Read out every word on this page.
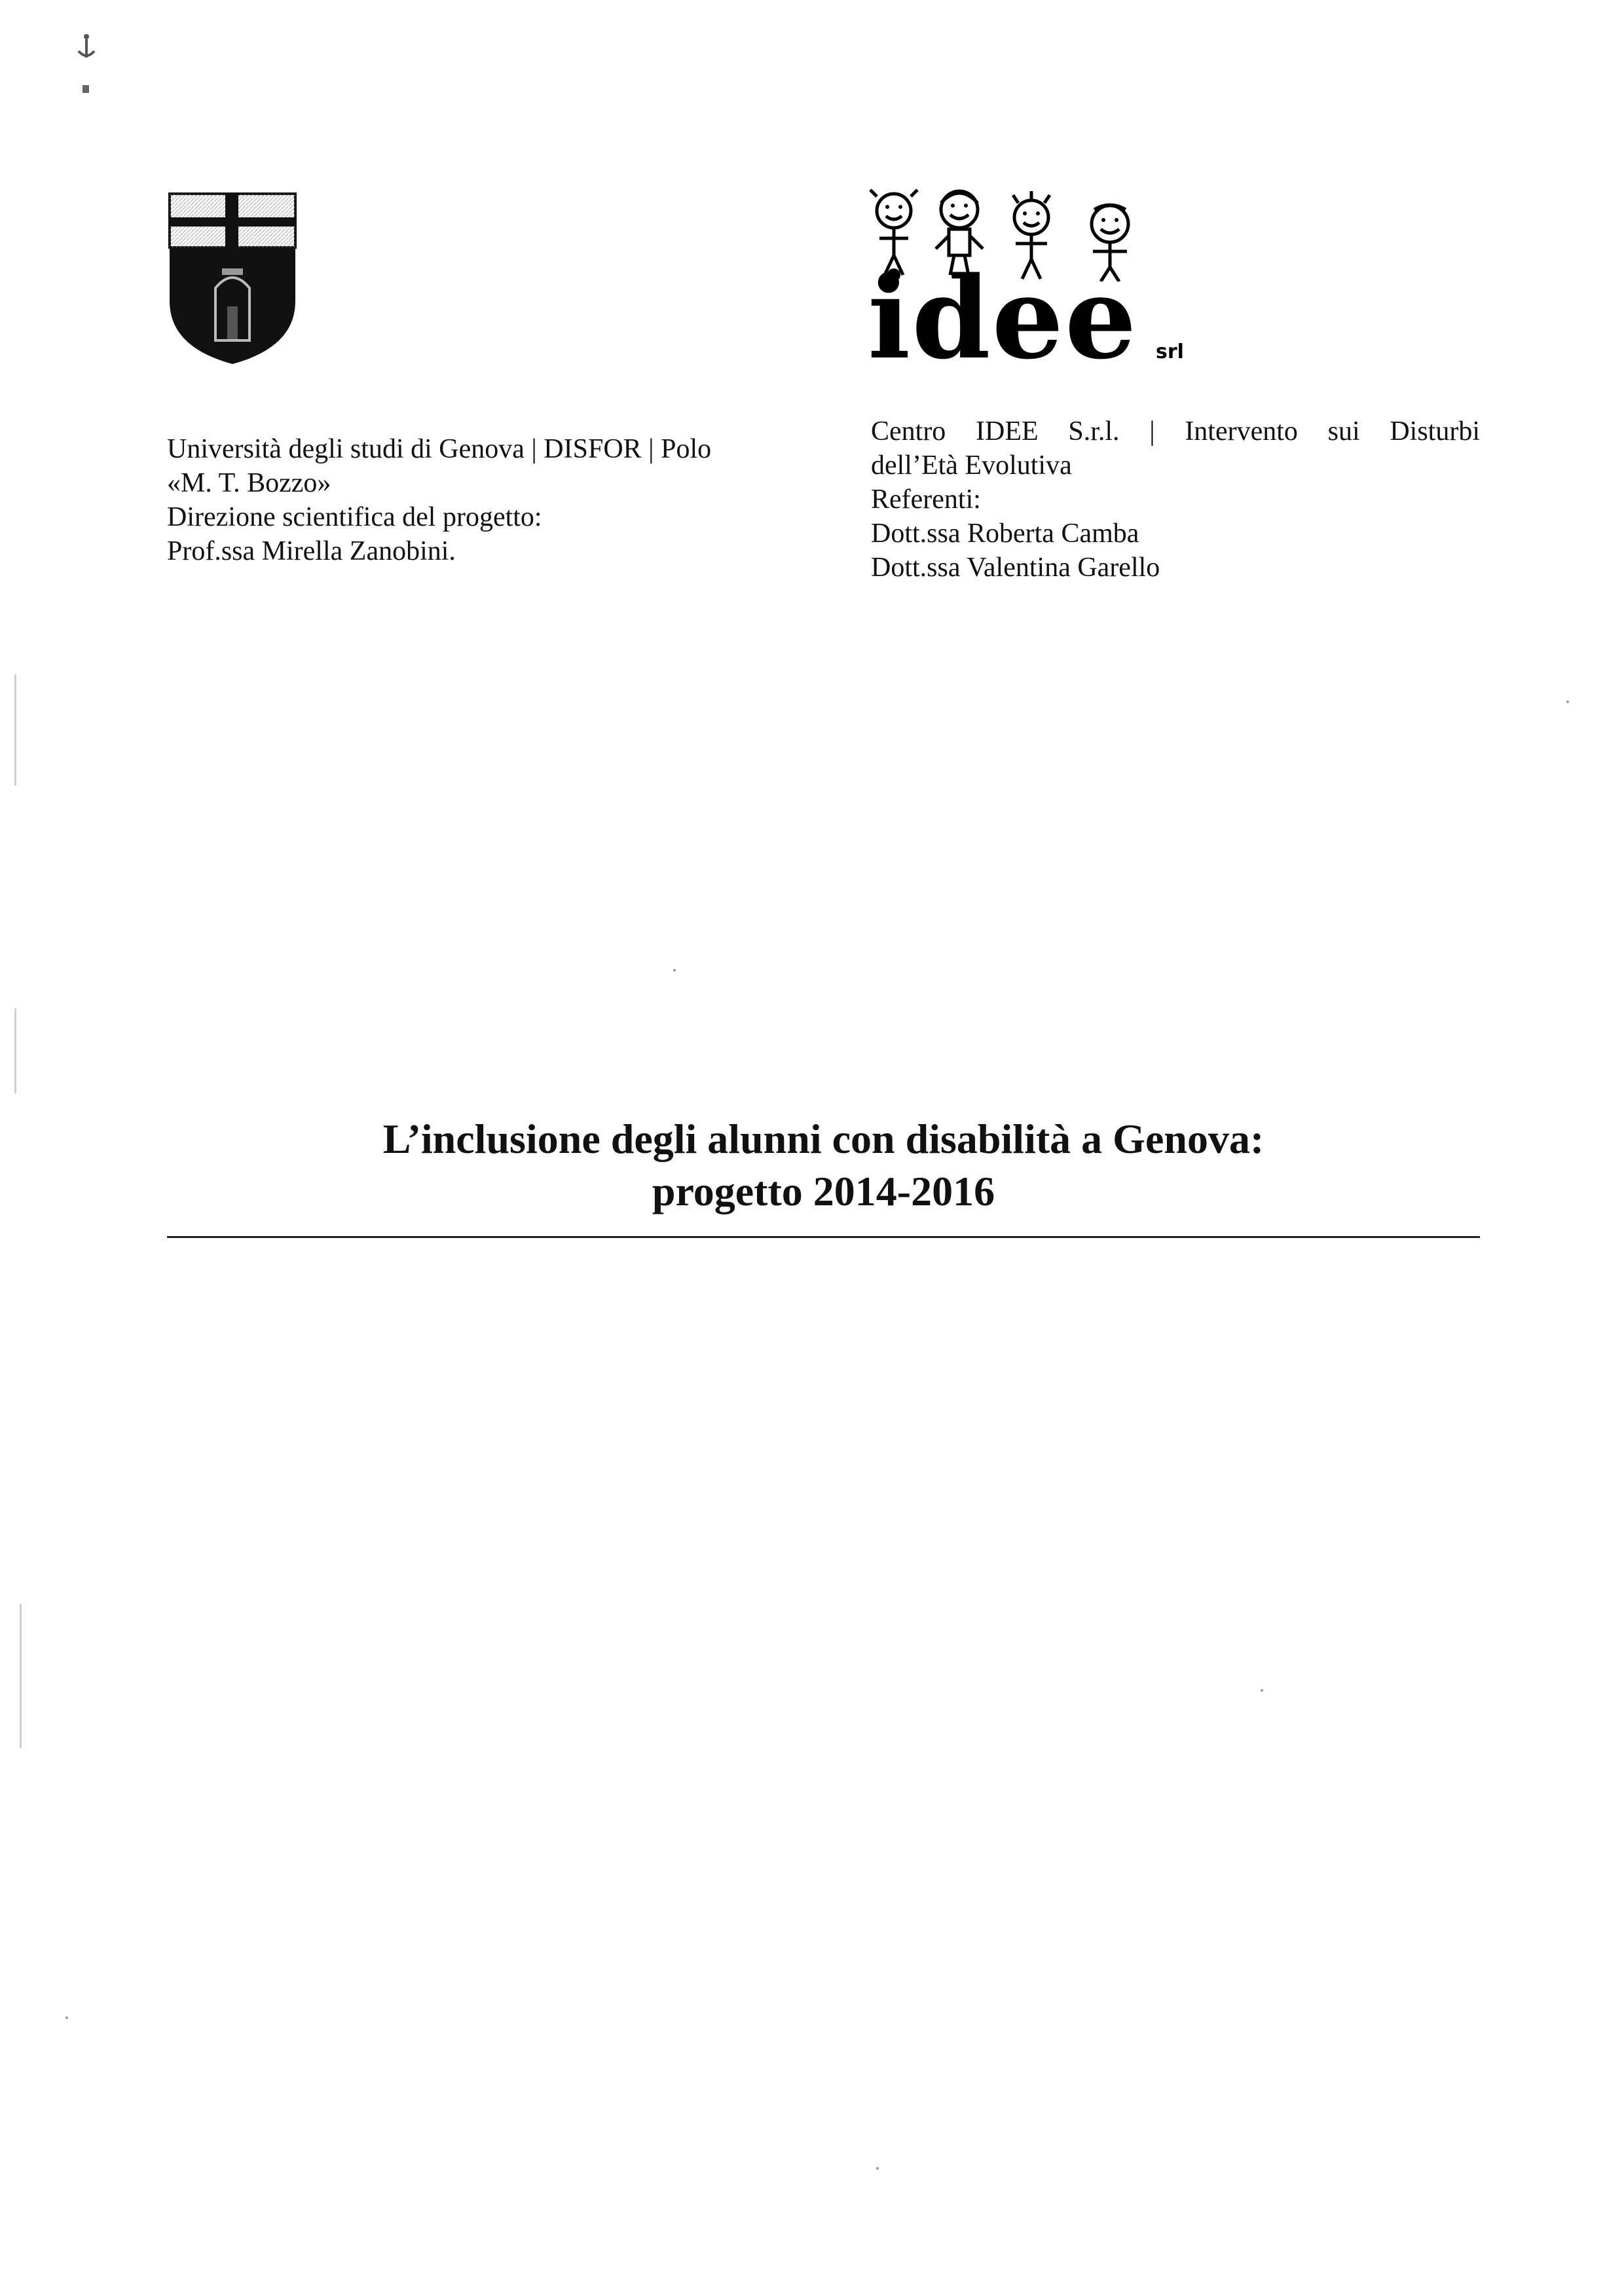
idee srl

Università degli studi di Genova | DISFOR | Polo

«M. T. Bozzo»

Direzione scientifica del progetto:

Prof.ssa Mirella Zanobini.

Centro IDEE S.r.l. | Intervento sui Disturbi

dell’Età Evolutiva

Referenti:

Dott.ssa Roberta Camba

Dott.ssa Valentina Garello

L’inclusione degli alunni con disabilità a Genova:

progetto 2014-2016
